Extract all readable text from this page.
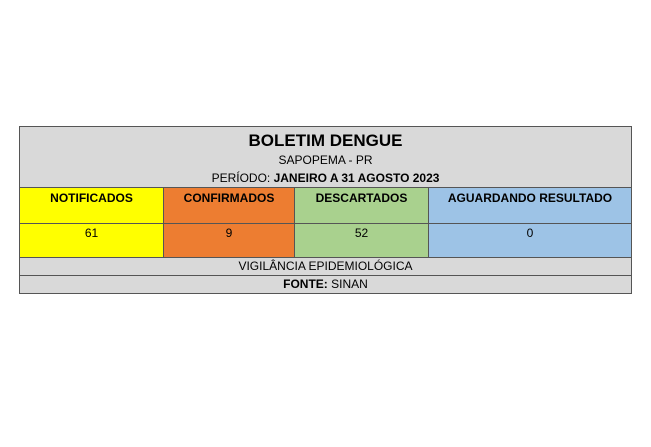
BOLETIM DENGUE
SAPOPEMA - PR
PERÍODO: JANEIRO A 31 AGOSTO 2023
NOTIFICADOS	CONFIRMADOS	DESCARTADOS	AGUARDANDO RESULTADO
61	9	52	0
VIGILÂNCIA EPIDEMIOLÓGICA
FONTE: SINAN
